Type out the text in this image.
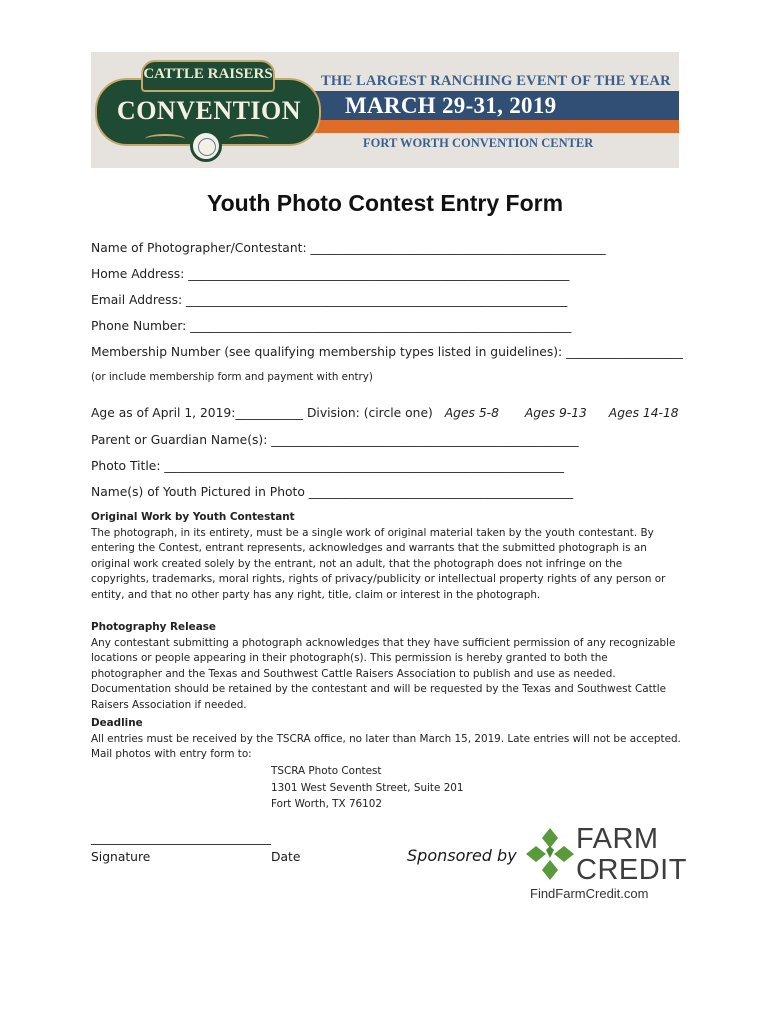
THE LARGEST RANCHING EVENT OF THE YEAR
MARCH 29-31, 2019
FORT WORTH CONVENTION CENTER
CATTLE RAISERS
CONVENTION
Youth Photo Contest Entry Form
Name of Photographer/Contestant: ________________________________________________
Home Address: ______________________________________________________________
Email Address: ______________________________________________________________
Phone Number: ______________________________________________________________
Membership Number (see qualifying membership types listed in guidelines): ___________________
(or include membership form and payment with entry)
Age as of April 1, 2019:___________ Division: (circle one) Ages 5-8 Ages 9-13 Ages 14-18
Parent or Guardian Name(s): __________________________________________________
Photo Title: _________________________________________________________________
Name(s) of Youth Pictured in Photo ___________________________________________
Original Work by Youth Contestant
The photograph, in its entirety, must be a single work of original material taken by the youth contestant. By entering the Contest, entrant represents, acknowledges and warrants that the submitted photograph is an original work created solely by the entrant, not an adult, that the photograph does not infringe on the copyrights, trademarks, moral rights, rights of privacy/publicity or intellectual property rights of any person or entity, and that no other party has any right, title, claim or interest in the photograph.
Photography Release
Any contestant submitting a photograph acknowledges that they have sufficient permission of any recognizable locations or people appearing in their photograph(s). This permission is hereby granted to both the photographer and the Texas and Southwest Cattle Raisers Association to publish and use as needed. Documentation should be retained by the contestant and will be requested by the Texas and Southwest Cattle Raisers Association if needed.
Deadline
All entries must be received by the TSCRA office, no later than March 15, 2019. Late entries will not be accepted. Mail photos with entry form to:
TSCRA Photo Contest
1301 West Seventh Street, Suite 201
Fort Worth, TX 76102
______________________________
Signature	Date	Sponsored by
FARM
CREDIT
FindFarmCredit.com
